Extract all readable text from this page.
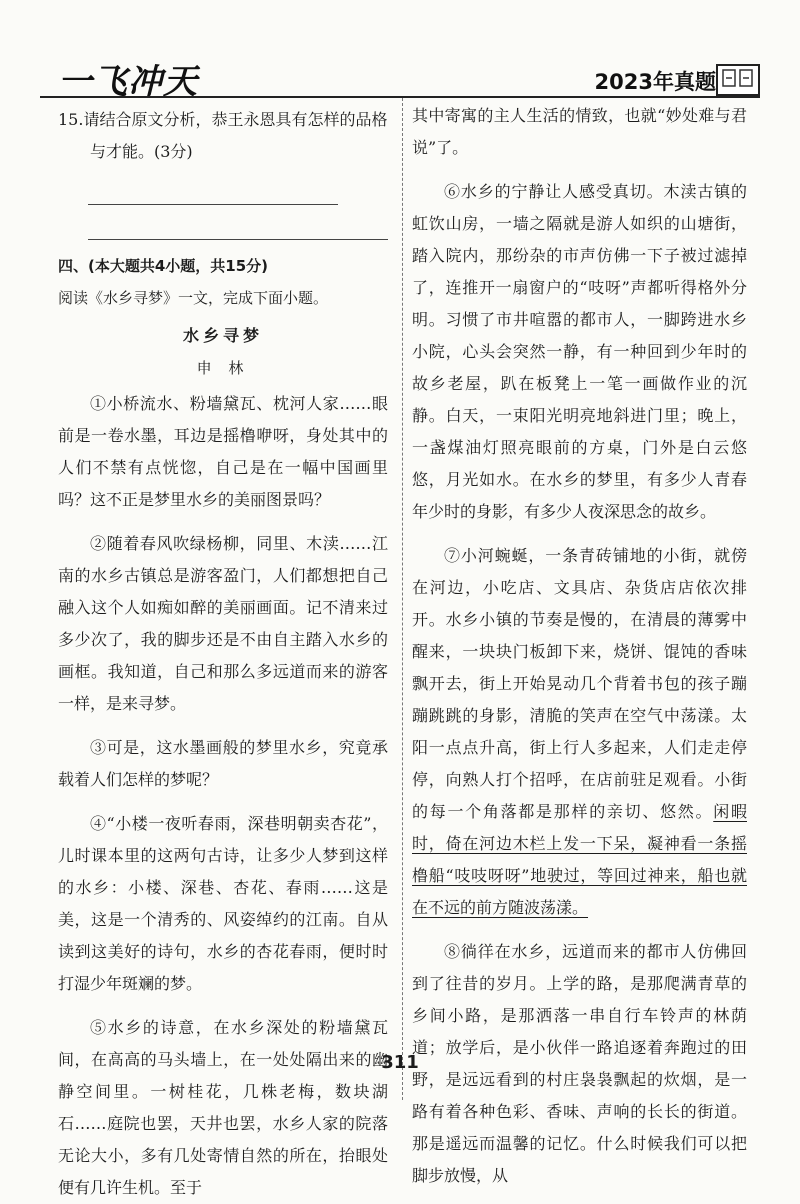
一飞冲天	2023年真题

15.请结合原文分析，恭王永恩具有怎样的品格

与才能。(3分)

四、(本大题共4小题，共15分)

阅读《水乡寻梦》一文，完成下面小题。

水乡寻梦

申 林

①小桥流水、粉墙黛瓦、枕河人家……眼前是一卷水墨，耳边是摇橹咿呀，身处其中的人们不禁有点恍惚，自己是在一幅中国画里吗？这不正是梦里水乡的美丽图景吗？

②随着春风吹绿杨柳，同里、木渎……江南的水乡古镇总是游客盈门，人们都想把自己融入这个人如痴如醉的美丽画面。记不清来过多少次了，我的脚步还是不由自主踏入水乡的画框。我知道，自己和那么多远道而来的游客一样，是来寻梦。

③可是，这水墨画般的梦里水乡，究竟承载着人们怎样的梦呢？

④“小楼一夜听春雨，深巷明朝卖杏花”，儿时课本里的这两句古诗，让多少人梦到这样的水乡：小楼、深巷、杏花、春雨……这是美，这是一个清秀的、风姿绰约的江南。自从读到这美好的诗句，水乡的杏花春雨，便时时打湿少年斑斓的梦。

⑤水乡的诗意，在水乡深处的粉墙黛瓦间，在高高的马头墙上，在一处处隔出来的幽静空间里。一树桂花，几株老梅，数块湖石……庭院也罢，天井也罢，水乡人家的院落无论大小，多有几处寄情自然的所在，抬眼处便有几许生机。至于

其中寄寓的主人生活的情致，也就“妙处难与君说”了。

⑥水乡的宁静让人感受真切。木渎古镇的虹饮山房，一墙之隔就是游人如织的山塘街，踏入院内，那纷杂的市声仿佛一下子被过滤掉了，连推开一扇窗户的“吱呀”声都听得格外分明。习惯了市井喧嚣的都市人，一脚跨进水乡小院，心头会突然一静，有一种回到少年时的故乡老屋，趴在板凳上一笔一画做作业的沉静。白天，一束阳光明亮地斜进门里；晚上，一盏煤油灯照亮眼前的方桌，门外是白云悠悠，月光如水。在水乡的梦里，有多少人青春年少时的身影，有多少人夜深思念的故乡。

⑦小河蜿蜒，一条青砖铺地的小街，就傍在河边，小吃店、文具店、杂货店店依次排开。水乡小镇的节奏是慢的，在清晨的薄雾中醒来，一块块门板卸下来，烧饼、馄饨的香味飘开去，街上开始晃动几个背着书包的孩子蹦蹦跳跳的身影，清脆的笑声在空气中荡漾。太阳一点点升高，街上行人多起来，人们走走停停，向熟人打个招呼，在店前驻足观看。小街的每一个角落都是那样的亲切、悠然。闲暇时，倚在河边木栏上发一下呆，凝神看一条摇橹船“吱吱呀呀”地驶过，等回过神来，船也就在不远的前方随波荡漾。

⑧徜徉在水乡，远道而来的都市人仿佛回到了往昔的岁月。上学的路，是那爬满青草的乡间小路，是那洒落一串自行车铃声的林荫道；放学后，是小伙伴一路追逐着奔跑过的田野，是远远看到的村庄袅袅飘起的炊烟，是一路有着各种色彩、香味、声响的长长的街道。那是遥远而温馨的记忆。什么时候我们可以把脚步放慢，从

311
